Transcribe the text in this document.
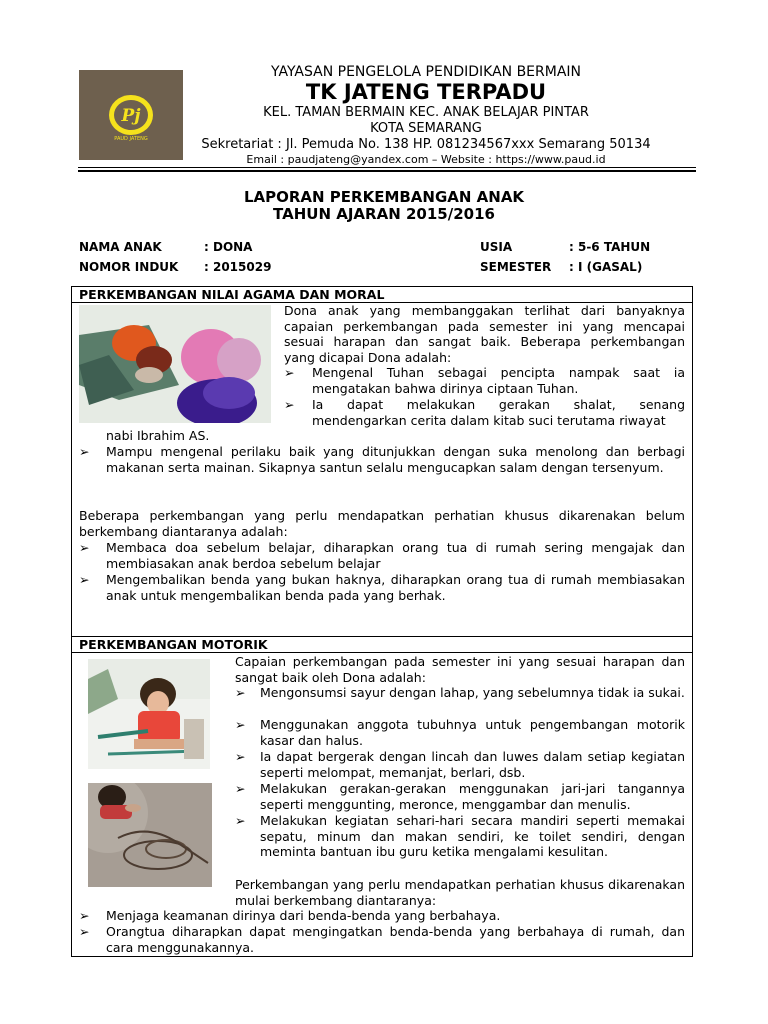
Pj
PAUD JATENG
YAYASAN PENGELOLA PENDIDIKAN BERMAIN
TK JATENG TERPADU
KEL. TAMAN BERMAIN KEC. ANAK BELAJAR PINTAR
KOTA SEMARANG
Sekretariat : Jl. Pemuda No. 138 HP. 081234567xxx Semarang 50134
Email : paudjateng@yandex.com – Website : https://www.paud.id
LAPORAN PERKEMBANGAN ANAK
TAHUN AJARAN 2015/2016
NAMA ANAK	: DONA
NOMOR INDUK : 2015029
USIA	: 5-6 TAHUN
SEMESTER : I (GASAL)
PERKEMBANGAN NILAI AGAMA DAN MORAL
Dona anak yang membanggakan terlihat dari banyaknya capaian perkembangan pada semester ini yang mencapai sesuai harapan dan sangat baik. Beberapa perkembangan yang dicapai Dona adalah:
➢ Mengenal Tuhan sebagai pencipta nampak saat ia mengatakan bahwa dirinya ciptaan Tuhan.
➢ Ia dapat melakukan gerakan shalat, senang mendengarkan cerita dalam kitab suci terutama riwayat
nabi Ibrahim AS.
➢ Mampu mengenal perilaku baik yang ditunjukkan dengan suka menolong dan berbagi makanan serta mainan. Sikapnya santun selalu mengucapkan salam dengan tersenyum.
Beberapa perkembangan yang perlu mendapatkan perhatian khusus dikarenakan belum berkembang diantaranya adalah:
➢ Membaca doa sebelum belajar, diharapkan orang tua di rumah sering mengajak dan membiasakan anak berdoa sebelum belajar
➢ Mengembalikan benda yang bukan haknya, diharapkan orang tua di rumah membiasakan anak untuk mengembalikan benda pada yang berhak.
PERKEMBANGAN MOTORIK
Capaian perkembangan pada semester ini yang sesuai harapan dan sangat baik oleh Dona adalah:
➢ Mengonsumsi sayur dengan lahap, yang sebelumnya tidak ia sukai.
➢ Menggunakan anggota tubuhnya untuk pengembangan motorik kasar dan halus.
➢ Ia dapat bergerak dengan lincah dan luwes dalam setiap kegiatan seperti melompat, memanjat, berlari, dsb.
➢ Melakukan gerakan-gerakan menggunakan jari-jari tangannya seperti menggunting, meronce, menggambar dan menulis.
➢ Melakukan kegiatan sehari-hari secara mandiri seperti memakai sepatu, minum dan makan sendiri, ke toilet sendiri, dengan meminta bantuan ibu guru ketika mengalami kesulitan.
Perkembangan yang perlu mendapatkan perhatian khusus dikarenakan mulai berkembang diantaranya:
➢ Menjaga keamanan dirinya dari benda-benda yang berbahaya.
➢ Orangtua diharapkan dapat mengingatkan benda-benda yang berbahaya di rumah, dan cara menggunakannya.
